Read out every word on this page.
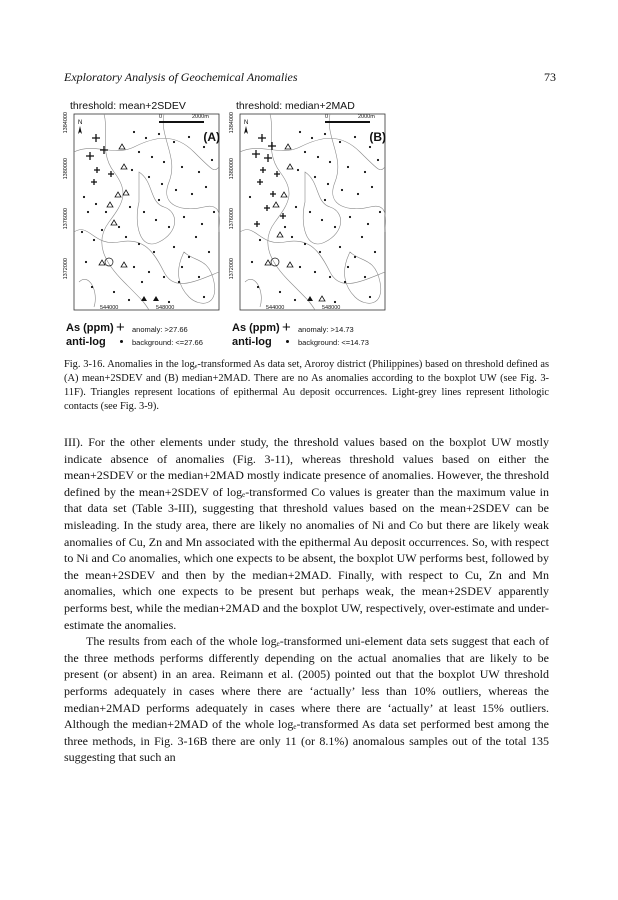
Exploratory Analysis of Geochemical Anomalies	73
threshold: mean+2SDEV
N
1384000
1380000
1376000
1372000
544000	548000
0	2000m
(A)
threshold: median+2MAD
N
1384000
1380000
1376000
1372000
544000	548000
0	2000m
(B)
As (ppm)
anti-log
+ anomaly: >27.66
background: <=27.66
As (ppm)
anti-log
+ anomaly: >14.73
background: <=14.73
Fig. 3-16. Anomalies in the logₑ-transformed As data set, Aroroy district (Philippines) based on threshold defined as (A) mean+2SDEV and (B) median+2MAD. There are no As anomalies according to the boxplot UW (see Fig. 3-11F). Triangles represent locations of epithermal Au deposit occurrences. Light-grey lines represent lithologic contacts (see Fig. 3-9).

III). For the other elements under study, the threshold values based on the boxplot UW mostly indicate absence of anomalies (Fig. 3-11), whereas threshold values based on either the mean+2SDEV or the median+2MAD mostly indicate presence of anomalies. However, the threshold defined by the mean+2SDEV of logₑ-transformed Co values is greater than the maximum value in that data set (Table 3-III), suggesting that threshold values based on the mean+2SDEV can be misleading. In the study area, there are likely no anomalies of Ni and Co but there are likely weak anomalies of Cu, Zn and Mn associated with the epithermal Au deposit occurrences. So, with respect to Ni and Co anomalies, which one expects to be absent, the boxplot UW performs best, followed by the mean+2SDEV and then by the median+2MAD. Finally, with respect to Cu, Zn and Mn anomalies, which one expects to be present but perhaps weak, the mean+2SDEV apparently performs best, while the median+2MAD and the boxplot UW, respectively, over-estimate and under-estimate the anomalies.

The results from each of the whole logₑ-transformed uni-element data sets suggest that each of the three methods performs differently depending on the actual anomalies that are likely to be present (or absent) in an area. Reimann et al. (2005) pointed out that the boxplot UW threshold performs adequately in cases where there are ‘actually’ less than 10% outliers, whereas the median+2MAD performs adequately in cases where there are ‘actually’ at least 15% outliers. Although the median+2MAD of the whole logₑ-transformed As data set performed best among the three methods, in Fig. 3-16B there are only 11 (or 8.1%) anomalous samples out of the total 135 suggesting that such an
